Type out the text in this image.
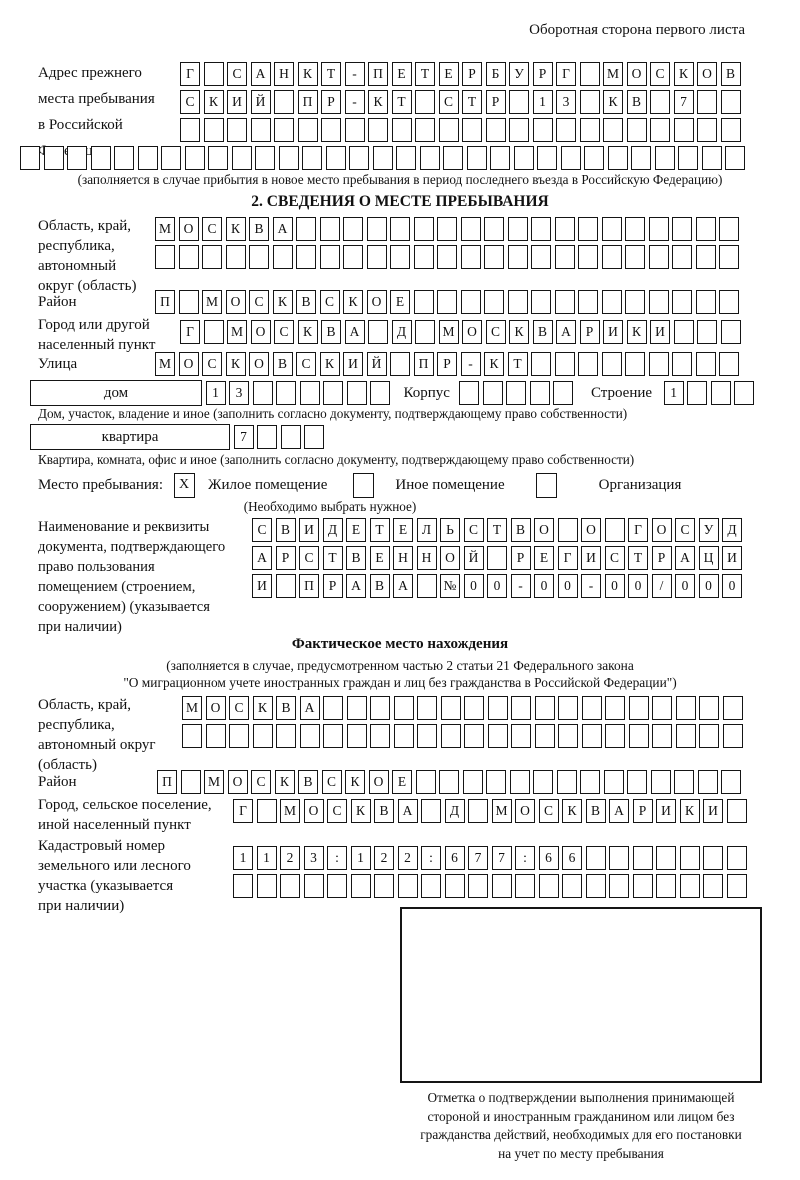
Оборотная сторона первого листа
Адрес прежнего
места пребывания
в Российской
Г	С	А	Н	К	Т	-	П	Е	Т	Е	Р	Б	У	Р	Г	М О	С	К	О	В
С	К	И	Й	П	Р	-	К	Т	С	Т	Р	1	3	К	В	7
(заполняется в случае прибытия в новое место пребывания в период последнего въезда в Российскую Федерацию)
2. СВЕДЕНИЯ О МЕСТЕ ПРЕБЫВАНИЯ
Область, край,
республика,
автономный
округ (область)
М О	С	К	В	А
Район	П	М О	С	К	В	С	К	О	Е
Город или другой
населенный пункт
Г	М О	С	К	В	А	Д	М О	С	К	В	А	Р	И	К	И
Улица	М О	С	К	О	В	С	К	И	Й	П	Р	-	К	Т
дом	1	3	Корпус	Строение	1
Дом, участок, владение и иное (заполнить согласно документу, подтверждающему право собственности)
квартира	7
Квартира, комната, офис и иное (заполнить согласно документу, подтверждающему право собственности)
Место пребывания:	X	Жилое помещение	Иное помещение	Организация
(Необходимо выбрать нужное)
Наименование и реквизиты
документа, подтверждающего
право пользования
помещением (строением,
сооружением) (указывается
при наличии)
С	В	И	Д	Е	Т	Е	Л	Ь	С	Т	В	О	О	Г	О	С	У	Д
А	Р	С	Т	В	Е	Н	Н	О	Й	Р	Е	Г	И	С	Т	Р	А	Ц	И
И	П	Р	А	В	А	№	0	0	-	0	0	-	0	0	/	0	0	0
Фактическое место нахождения
(заполняется в случае, предусмотренном частью 2 статьи 21 Федерального закона
"О миграционном учете иностранных граждан и лиц без гражданства в Российской Федерации")
Область, край,
республика,
автономный округ
(область)
М О	С	К	В	А
Район	П	М О	С	К	В	С	К	О	Е
Город, сельское поселение,
иной населенный пункт
Г	М О	С	К	В	А	Д	М О	С	К	В	А	Р	И	К	И
Кадастровый номер
земельного или лесного
участка (указывается
при наличии)
1	1	2	3	:	1	2	2	:	6	7	7	:	6	6
Отметка о подтверждении выполнения принимающей
стороной и иностранным гражданином или лицом без
гражданства действий, необходимых для его постановки
на учет по месту пребывания
